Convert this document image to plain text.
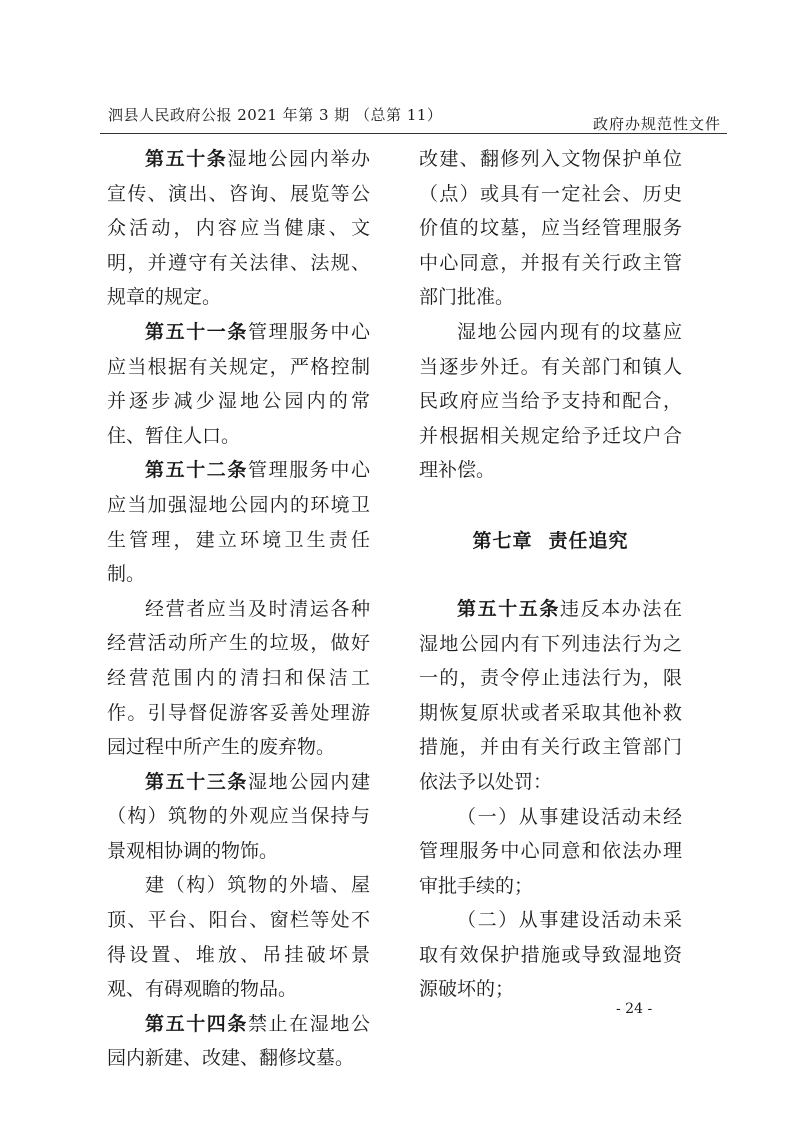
泗县人民政府公报 2021 年第 3 期 （总第 11）	政府办规范性文件

第五十条湿地公园内举办宣传、演出、咨询、展览等公众活动，内容应当健康、文明，并遵守有关法律、法规、规章的规定。

第五十一条管理服务中心应当根据有关规定，严格控制并逐步减少湿地公园内的常住、暂住人口。

第五十二条管理服务中心应当加强湿地公园内的环境卫生管理，建立环境卫生责任制。

经营者应当及时清运各种经营活动所产生的垃圾，做好经营范围内的清扫和保洁工作。引导督促游客妥善处理游园过程中所产生的废弃物。

第五十三条湿地公园内建（构）筑物的外观应当保持与景观相协调的物饰。

建（构）筑物的外墙、屋顶、平台、阳台、窗栏等处不得设置、堆放、吊挂破坏景观、有碍观瞻的物品。

第五十四条禁止在湿地公园内新建、改建、翻修坟墓。

改建、翻修列入文物保护单位（点）或具有一定社会、历史价值的坟墓，应当经管理服务中心同意，并报有关行政主管部门批准。

湿地公园内现有的坟墓应当逐步外迁。有关部门和镇人民政府应当给予支持和配合，并根据相关规定给予迁坟户合理补偿。

第七章 责任追究

第五十五条违反本办法在湿地公园内有下列违法行为之一的，责令停止违法行为，限期恢复原状或者采取其他补救措施，并由有关行政主管部门依法予以处罚：

（一）从事建设活动未经管理服务中心同意和依法办理审批手续的；

（二）从事建设活动未采取有效保护措施或导致湿地资源破坏的；

- 24 -
